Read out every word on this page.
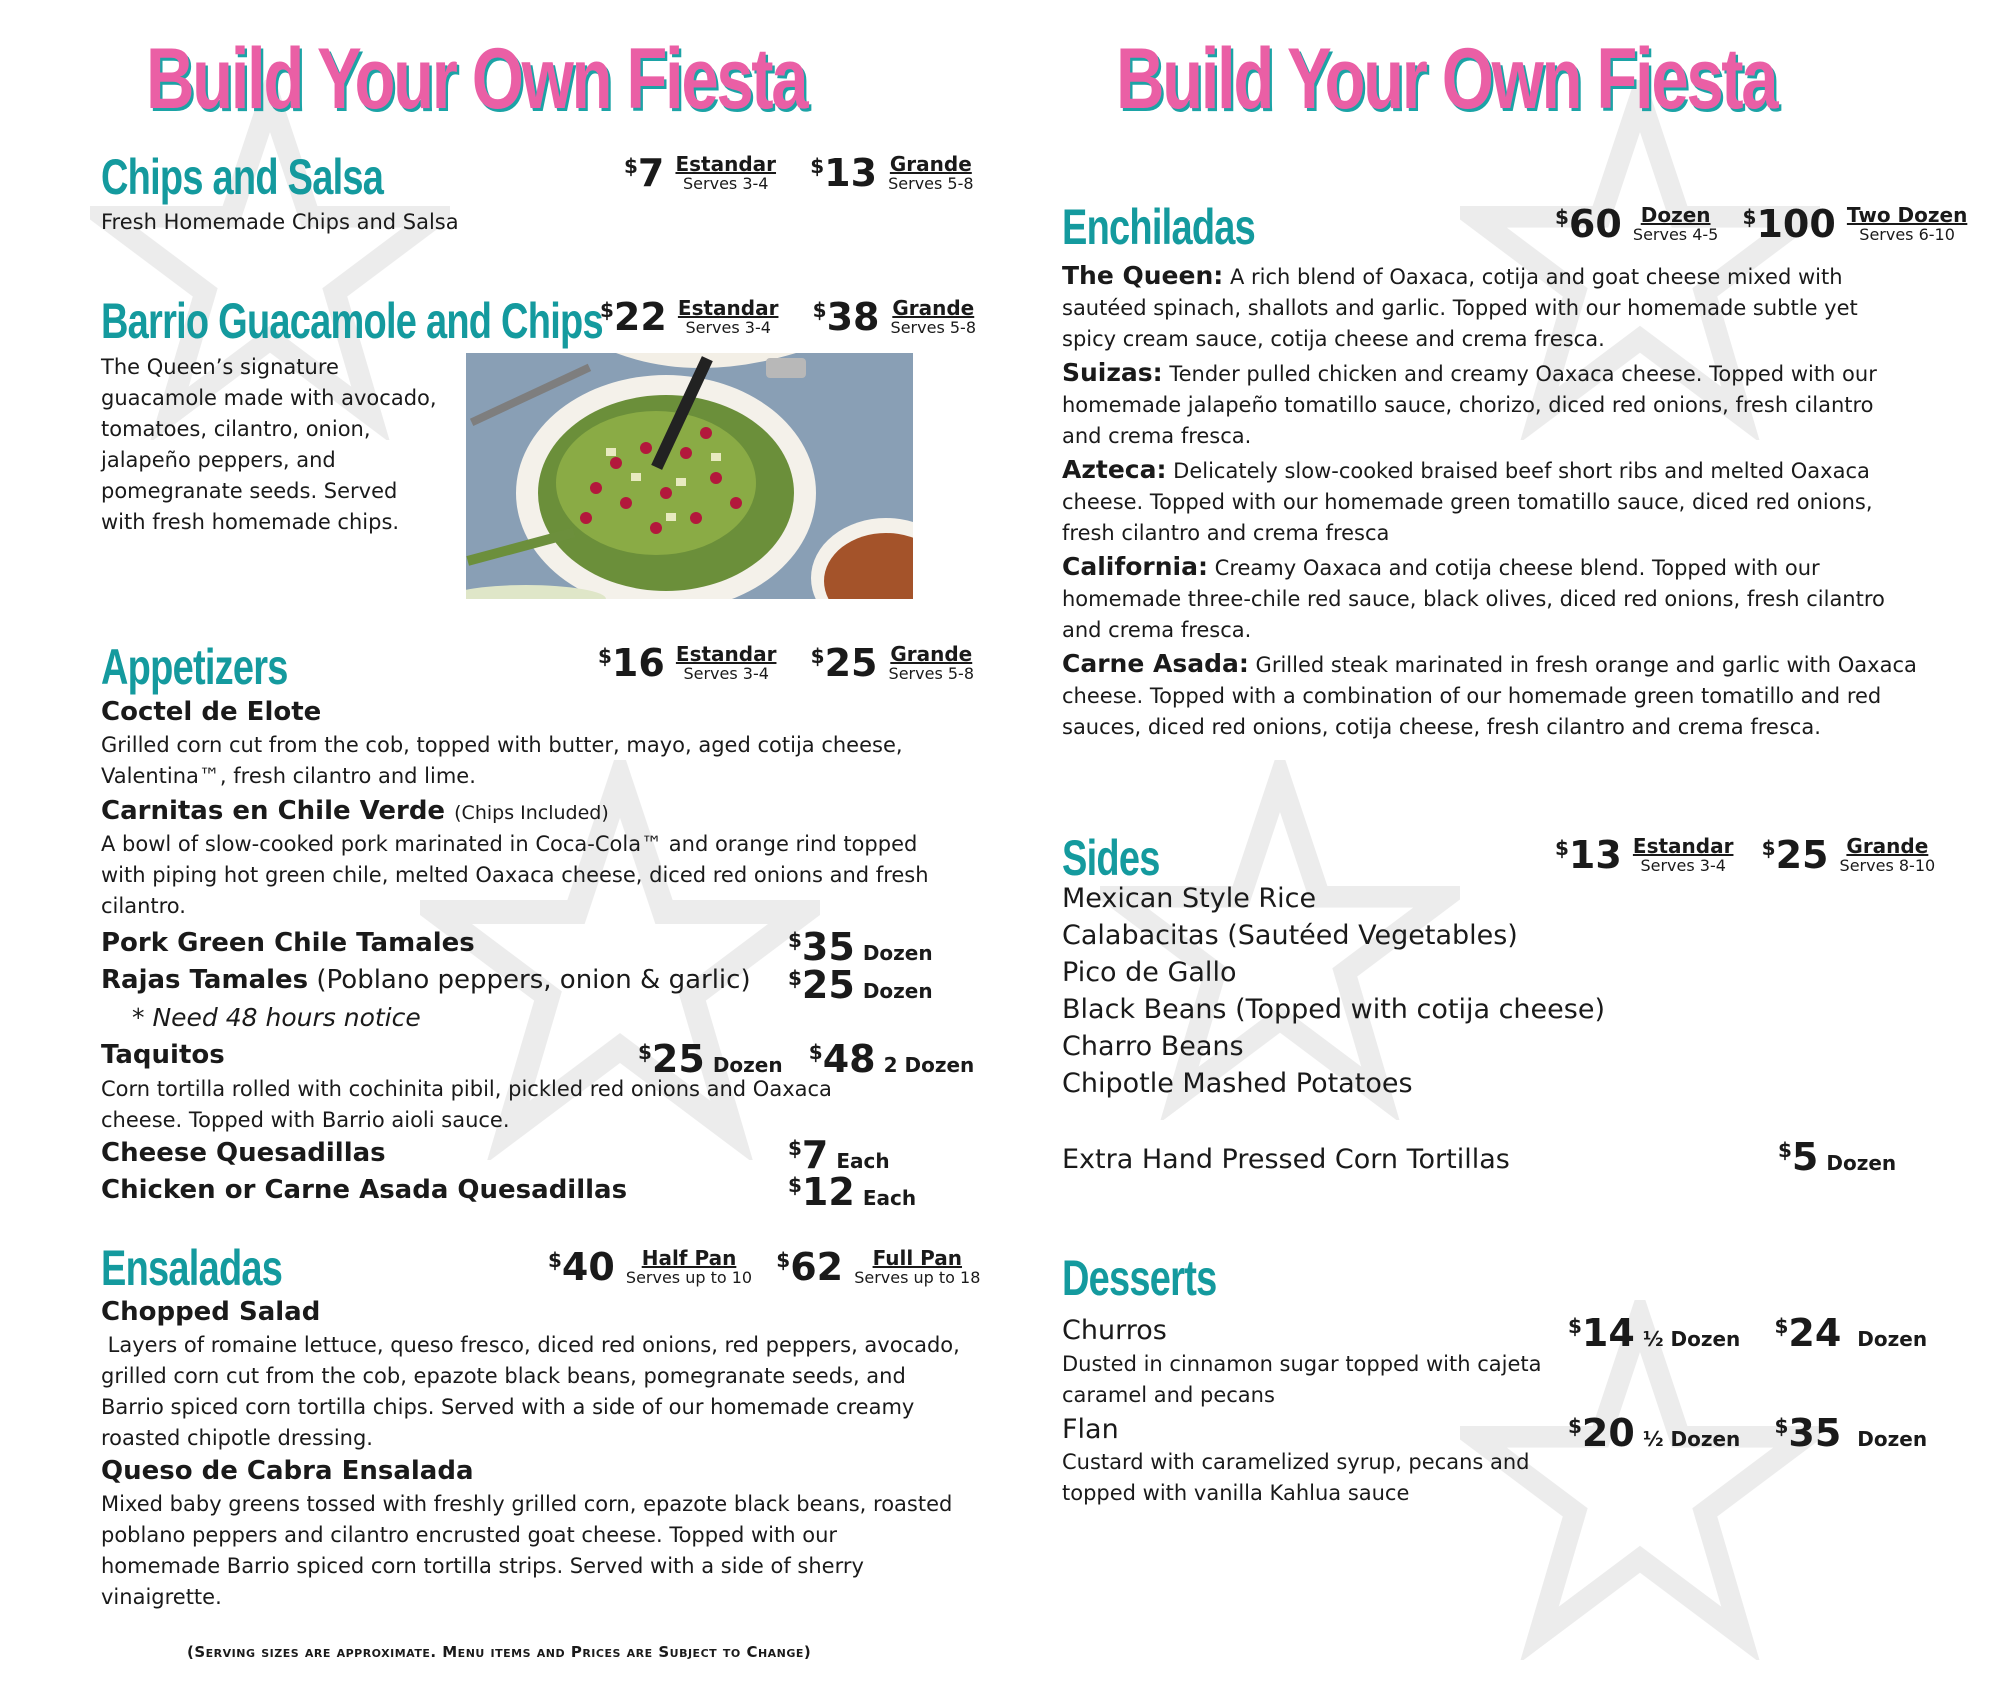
Build Your Own Fiesta
Chips and Salsa	$7 Estandar
Serves 3-4
$13 Grande
Serves 5-8
Fresh Homemade Chips and Salsa
Barrio Guacamole and Chips
$22 Estandar
Serves 3-4
$38 Grande
Serves 5-8
The Queen’s signature
guacamole made with avocado,
tomatoes, cilantro, onion,
jalapeño peppers, and
pomegranate seeds. Served
with fresh homemade chips.
Appetizers	$16 Estandar
Serves 3-4
$25 Grande
Serves 5-8
Coctel de Elote
Grilled corn cut from the cob, topped with butter, mayo, aged cotija cheese,
Valentina™, fresh cilantro and lime.
Carnitas en Chile Verde (Chips Included)
A bowl of slow-cooked pork marinated in Coca-Cola™ and orange rind topped
with piping hot green chile, melted Oaxaca cheese, diced red onions and fresh
cilantro.
Pork Green Chile Tamales	$35 Dozen
Rajas Tamales (Poblano peppers, onion & garlic) $25 Dozen
* Need 48 hours notice
Taquitos	$25 Dozen  $48 2 Dozen
Corn tortilla rolled with cochinita pibil, pickled red onions and Oaxaca
cheese. Topped with Barrio aioli sauce.
Cheese Quesadillas	$7 Each
Chicken or Carne Asada Quesadillas	$12 Each
Ensaladas	$40	Half Pan
Serves up to 10
$62	Full Pan
Serves up to 18
Chopped Salad
Layers of romaine lettuce, queso fresco, diced red onions, red peppers, avocado,
grilled corn cut from the cob, epazote black beans, pomegranate seeds, and
Barrio spiced corn tortilla chips. Served with a side of our homemade creamy
roasted chipotle dressing.
Queso de Cabra Ensalada
Mixed baby greens tossed with freshly grilled corn, epazote black beans, roasted
poblano peppers and cilantro encrusted goat cheese. Topped with our
homemade Barrio spiced corn tortilla strips. Served with a side of sherry
vinaigrette.
(Serving sizes are approximate. Menu items and Prices are Subject to Change)
Build Your Own Fiesta
Enchiladas	$60 Dozen
Serves 4-5
$100 Two Dozen
Serves 6-10
The Queen: A rich blend of Oaxaca, cotija and goat cheese mixed with
sautéed spinach, shallots and garlic. Topped with our homemade subtle yet
spicy cream sauce, cotija cheese and crema fresca.
Suizas: Tender pulled chicken and creamy Oaxaca cheese. Topped with our
homemade jalapeño tomatillo sauce, chorizo, diced red onions, fresh cilantro
and crema fresca.
Azteca: Delicately slow-cooked braised beef short ribs and melted Oaxaca
cheese. Topped with our homemade green tomatillo sauce, diced red onions,
fresh cilantro and crema fresca
California: Creamy Oaxaca and cotija cheese blend. Topped with our
homemade three-chile red sauce, black olives, diced red onions, fresh cilantro
and crema fresca.
Carne Asada: Grilled steak marinated in fresh orange and garlic with Oaxaca
cheese. Topped with a combination of our homemade green tomatillo and red
sauces, diced red onions, cotija cheese, fresh cilantro and crema fresca.
Sides	$13 Estandar
Serves 3-4
$25 Grande
Serves 8-10
Mexican Style Rice
Calabacitas (Sautéed Vegetables)
Pico de Gallo
Black Beans (Topped with cotija cheese)
Charro Beans
Chipotle Mashed Potatoes
Extra Hand Pressed Corn Tortillas	$5 Dozen
Desserts
Churros
Dusted in cinnamon sugar topped with cajeta
caramel and pecans
$14 ½ Dozen  $24 Dozen
Flan
Custard with caramelized syrup, pecans and
topped with vanilla Kahlua sauce
$20 ½ Dozen  $35 Dozen
